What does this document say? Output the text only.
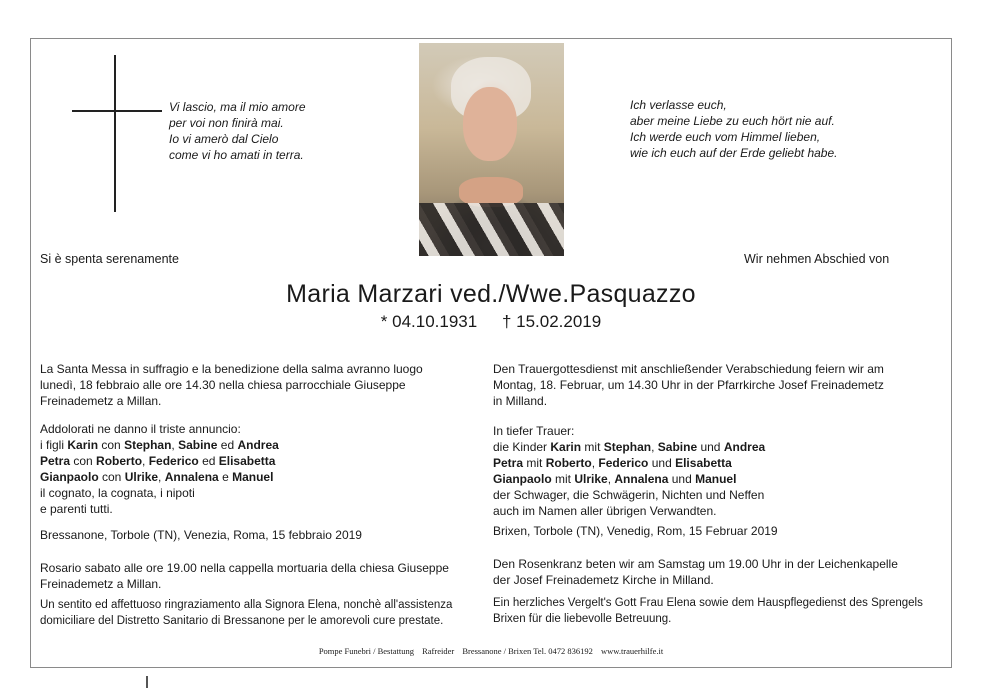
Vi lascio, ma il mio amore
per voi non finirà mai.
Io vi amerò dal Cielo
come vi ho amati in terra.
Ich verlasse euch,
aber meine Liebe zu euch hört nie auf.
Ich werde euch vom Himmel lieben,
wie ich euch auf der Erde geliebt habe.
Si è spenta serenamente	Wir nehmen Abschied von
Maria Marzari ved./Wwe.Pasquazzo
* 04.10.1931 † 15.02.2019

La Santa Messa in suffragio e la benedizione della salma avranno luogo

lunedì, 18 febbraio alle ore 14.30 nella chiesa parrocchiale Giuseppe

Freinademetz a Millan.

Addolorati ne danno il triste annuncio:

i figli Karin con Stephan, Sabine ed Andrea

Petra con Roberto, Federico ed Elisabetta

Gianpaolo con Ulrike, Annalena e Manuel

il cognato, la cognata, i nipoti

e parenti tutti.

Bressanone, Torbole (TN), Venezia, Roma, 15 febbraio 2019

Rosario sabato alle ore 19.00 nella cappella mortuaria della chiesa Giuseppe

Freinademetz a Millan.

Un sentito ed affettuoso ringraziamento alla Signora Elena, nonchè all'assistenza

domiciliare del Distretto Sanitario di Bressanone per le amorevoli cure prestate.

Den Trauergottesdienst mit anschließender Verabschiedung feiern wir am

Montag, 18. Februar, um 14.30 Uhr in der Pfarrkirche Josef Freinademetz

in Milland.

In tiefer Trauer:

die Kinder Karin mit Stephan, Sabine und Andrea

Petra mit Roberto, Federico und Elisabetta

Gianpaolo mit Ulrike, Annalena und Manuel

der Schwager, die Schwägerin, Nichten und Neffen

auch im Namen aller übrigen Verwandten.

Brixen, Torbole (TN), Venedig, Rom, 15 Februar 2019

Den Rosenkranz beten wir am Samstag um 19.00 Uhr in der Leichenkapelle

der Josef Freinademetz Kirche in Milland.

Ein herzliches Vergelt's Gott Frau Elena sowie dem Hauspflegedienst des Sprengels

Brixen für die liebevolle Betreuung.

Pompe Funebri / Bestattung Rafreider Bressanone / Brixen Tel. 0472 836192 www.trauerhilfe.it
